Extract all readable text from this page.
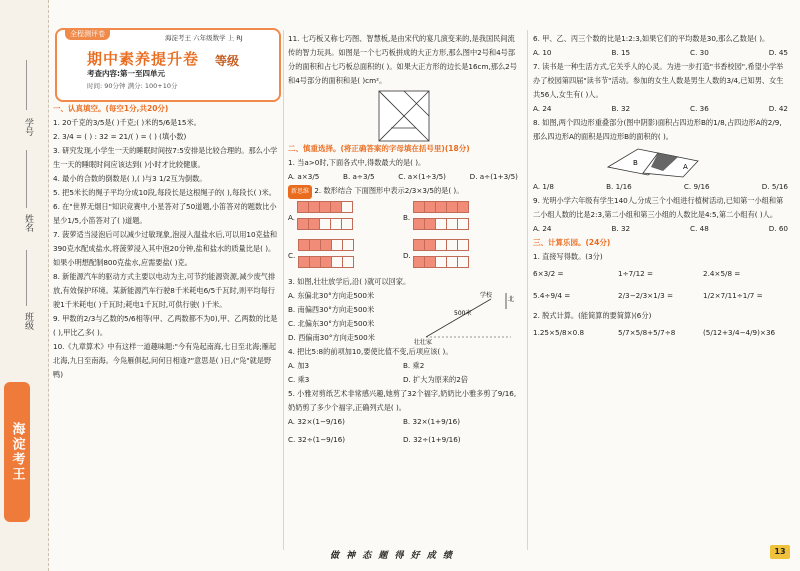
学号
姓名
班级
海淀考王
全程测评卷	海淀考王 六年级数学 上 RJ
期中素养提升卷 等级
考查内容:第一至四单元
时间: 90分钟 满分: 100+10分

一、认真填空。(每空1分,共20分)

1. 20千克的3/5是( )千克;( )米的5/6是15米。

2. 3/4 = ( ) : 32 = 21/( ) = ( ) (填小数)

3. 研究发现,小学生一天的睡眠时间按7:5安排是比较合理的。那么小学生一天的睡眠时间应该达到( )小时才比较健康。

4. 最小的合数的倒数是( ),( )与3 1/2互为倒数。

5. 把5米长的绳子平均分成10段,每段长是这根绳子的( ),每段长( )米。

6. 在"世界无烟日"知识竞赛中,小星答对了50道题,小笛答对的题数比小星少1/5,小笛答对了( )道题。

7. 菠萝适当浸泡后可以减少过敏现象,泡浸入温盐水后,可以用10克盐和390克水配成盐水,将菠萝浸入其中泡20分钟,盐和盐水的质量比是( )。如果小明想配制800克盐水,应需要盐( )克。

8. 新能源汽车的驱动方式主要以电动为主,可节约能源资源,减少废气排放,有效保护环境。某新能源汽车行驶8千米耗电6/5千瓦时,则平均每行驶1千米耗电( )千瓦时;耗电1千瓦时,可供行驶( )千米。

9. 甲数的2/3与乙数的5/6相等(甲、乙两数都不为0),甲、乙两数的比是( ),甲比乙多( )。

10.《九章算术》中有这样一道趣味题:"今有凫起南海,七日至北海;雁起北海,九日至南海。今凫雁俱起,问何日相逢?"意思是( )日,("凫"就是野鸭)

11. 七巧板又称七巧图、智慧板,是由宋代的宴几演变来的,是我国民间流传的智力玩具。如图是一个七巧板拼成的大正方形,那么图中2号和4号部分的面积和占七巧板总面积的( )。如果大正方形的边长是16cm,那么2号和4号部分的面积和是( )cm²。

二、慎重选择。(将正确答案的字母填在括号里)(18分)

1. 当a>0时,下面各式中,得数最大的是( )。

A. a×3/5	B. a÷3/5	C. a×(1÷3/5)	D. a÷(1+3/5)

新思维 2. 数形结合 下面图形中表示2/3×3/5的是( )。

A.	B.

C.	D.

3. 如图,壮壮放学后,沿( )就可以回家。

A. 东偏北30°方向走500米
B. 南偏西30°方向走500米
C. 北偏东30°方向走500米
D. 西偏南30°方向走500米
学校
北
500米
壮壮家

4. 把比5:8的前项加10,要使比值不变,后项应该( )。

A. 加3	B. 乘2
C. 乘3	D. 扩大为原来的2倍

5. 小雅对剪纸艺术非常感兴趣,她剪了32个福字,奶奶比小雅多剪了9/16,奶奶剪了多少个福字,正确列式是( )。

A. 32×(1−9/16)	B. 32×(1+9/16)
C. 32÷(1−9/16)	D. 32÷(1+9/16)

6. 甲、乙、丙三个数的比是1:2:3,如果它们的平均数是30,那么乙数是( )。

A. 10	B. 15	C. 30	D. 45

7. 读书是一种生活方式,它关乎人的心灵。为进一步打造"书香校园",希望小学举办了校园第四届"读书节"活动。参加的女生人数是男生人数的3/4,已知男、女生共56人,女生有( )人。

A. 24	B. 32	C. 36	D. 42

8. 如图,两个四边形重叠部分(图中阴影)面积占四边形B的1/8,占四边形A的2/9,那么四边形A的面积是四边形B的面积的( )。

B	A
A. 1/8	B. 1/16	C. 9/16	D. 5/16

9. 光明小学六年级有学生140人,分成三个小组进行植树活动,已知第一小组和第二小组人数的比是2:3,第二小组和第三小组的人数比是4:5,第二小组有( )人。

A. 24	B. 32	C. 48	D. 60

三、计算乐园。(24分)

1. 直接写得数。(3分)

6×3/2 =	1÷7/12 =	2.4×5/8 =
5.4÷9/4 =	2/3−2/3×1/3 =	1/2×7/11÷1/7 =

2. 脱式计算。(能简算的要简算)(6分)

1.25×5/8×0.8	5/7×5/8+5/7÷8	(5/12+3/4−4/9)×36
做 神 态 题 得 好 成 绩	13
